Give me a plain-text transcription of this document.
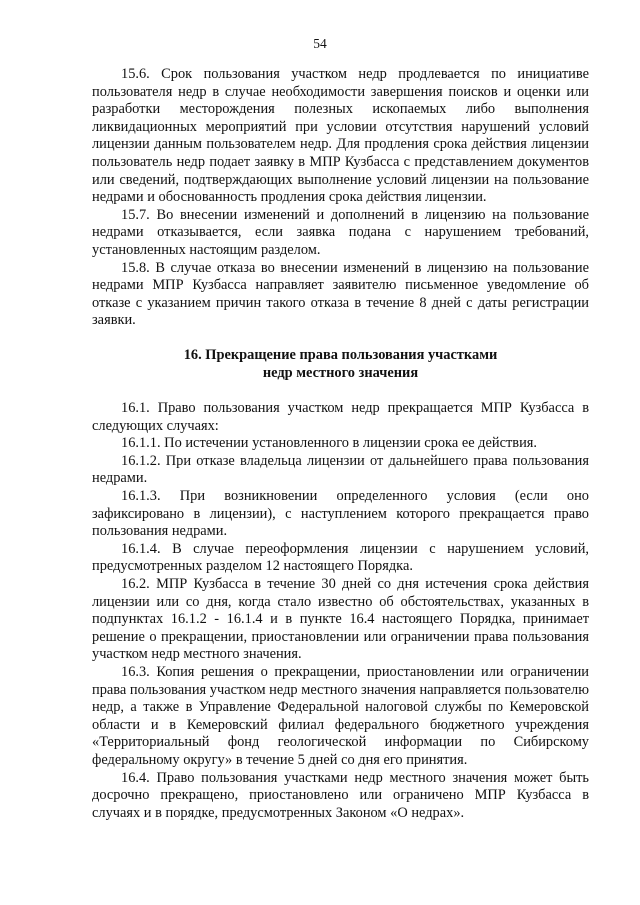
54

15.6. Срок пользования участком недр продлевается по инициативе пользователя недр в случае необходимости завершения поисков и оценки или разработки месторождения полезных ископаемых либо выполнения ликвидационных мероприятий при условии отсутствия нарушений условий лицензии данным пользователем недр. Для продления срока действия лицензии пользователь недр подает заявку в МПР Кузбасса с представлением документов или сведений, подтверждающих выполнение условий лицензии на пользование недрами и обоснованность продления срока действия лицензии.

15.7. Во внесении изменений и дополнений в лицензию на пользование недрами отказывается, если заявка подана с нарушением требований, установленных настоящим разделом.

15.8. В случае отказа во внесении изменений в лицензию на пользование недрами МПР Кузбасса направляет заявителю письменное уведомление об отказе с указанием причин такого отказа в течение 8 дней с даты регистрации заявки.

16. Прекращение права пользования участками

недр местного значения

16.1. Право пользования участком недр прекращается МПР Кузбасса в следующих случаях:

16.1.1. По истечении установленного в лицензии срока ее действия.

16.1.2. При отказе владельца лицензии от дальнейшего права пользования недрами.

16.1.3. При возникновении определенного условия (если оно зафиксировано в лицензии), с наступлением которого прекращается право пользования недрами.

16.1.4. В случае переоформления лицензии с нарушением условий, предусмотренных разделом 12 настоящего Порядка.

16.2. МПР Кузбасса в течение 30 дней со дня истечения срока действия лицензии или со дня, когда стало известно об обстоятельствах, указанных в подпунктах 16.1.2 - 16.1.4 и в пункте 16.4 настоящего Порядка, принимает решение о прекращении, приостановлении или ограничении права пользования участком недр местного значения.

16.3. Копия решения о прекращении, приостановлении или ограничении права пользования участком недр местного значения направляется пользователю недр, а также в Управление Федеральной налоговой службы по Кемеровской области и в Кемеровский филиал федерального бюджетного учреждения «Территориальный фонд геологической информации по Сибирскому федеральному округу» в течение 5 дней со дня его принятия.

16.4. Право пользования участками недр местного значения может быть досрочно прекращено, приостановлено или ограничено МПР Кузбасса в случаях и в порядке, предусмотренных Законом «О недрах».
